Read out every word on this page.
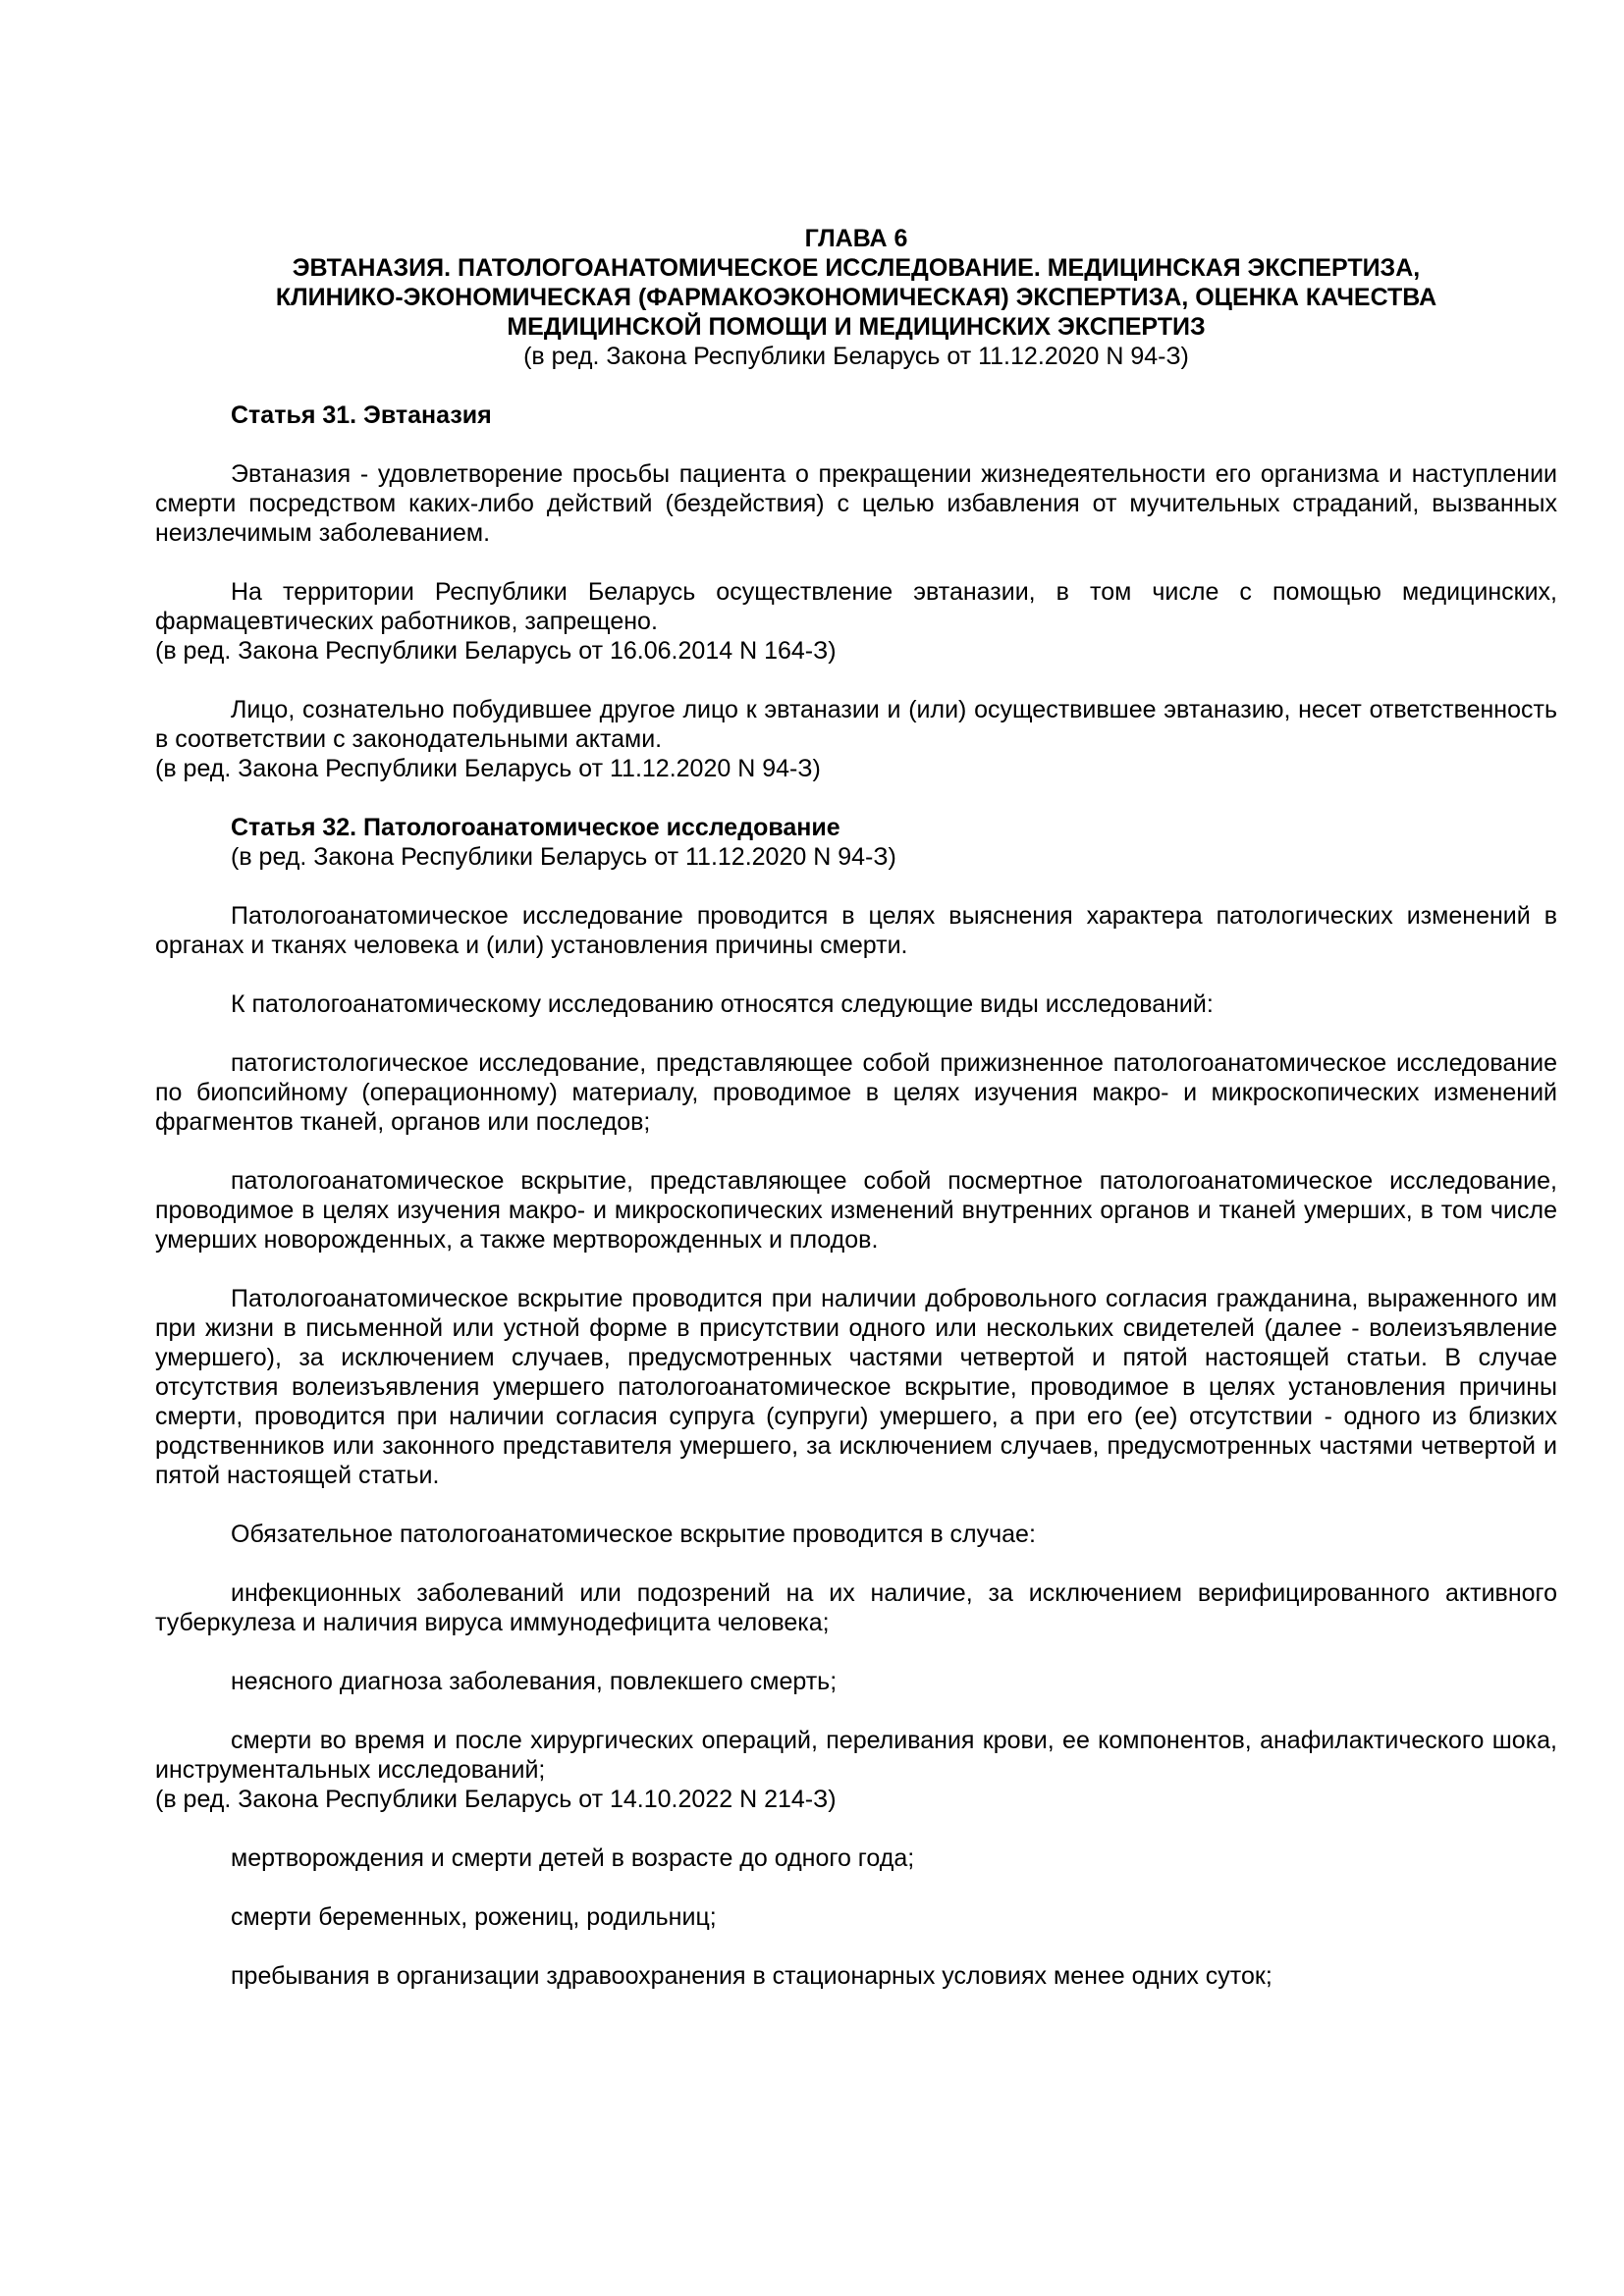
ГЛАВА 6
ЭВТАНАЗИЯ. ПАТОЛОГОАНАТОМИЧЕСКОЕ ИССЛЕДОВАНИЕ. МЕДИЦИНСКАЯ ЭКСПЕРТИЗА,
КЛИНИКО-ЭКОНОМИЧЕСКАЯ (ФАРМАКОЭКОНОМИЧЕСКАЯ) ЭКСПЕРТИЗА, ОЦЕНКА КАЧЕСТВА
МЕДИЦИНСКОЙ ПОМОЩИ И МЕДИЦИНСКИХ ЭКСПЕРТИЗ
(в ред. Закона Республики Беларусь от 11.12.2020 N 94-З)
Статья 31. Эвтаназия

Эвтаназия - удовлетворение просьбы пациента о прекращении жизнедеятельности его организма и наступлении смерти посредством каких-либо действий (бездействия) с целью избавления от мучительных страданий, вызванных неизлечимым заболеванием.

На территории Республики Беларусь осуществление эвтаназии, в том числе с помощью медицинских, фармацевтических работников, запрещено.

(в ред. Закона Республики Беларусь от 16.06.2014 N 164-З)

Лицо, сознательно побудившее другое лицо к эвтаназии и (или) осуществившее эвтаназию, несет ответственность в соответствии с законодательными актами.

(в ред. Закона Республики Беларусь от 11.12.2020 N 94-З)

Статья 32. Патологоанатомическое исследование
(в ред. Закона Республики Беларусь от 11.12.2020 N 94-З)

Патологоанатомическое исследование проводится в целях выяснения характера патологических изменений в органах и тканях человека и (или) установления причины смерти.

К патологоанатомическому исследованию относятся следующие виды исследований:

патогистологическое исследование, представляющее собой прижизненное патологоанатомическое исследование по биопсийному (операционному) материалу, проводимое в целях изучения макро- и микроскопических изменений фрагментов тканей, органов или последов;

патологоанатомическое вскрытие, представляющее собой посмертное патологоанатомическое исследование, проводимое в целях изучения макро- и микроскопических изменений внутренних органов и тканей умерших, в том числе умерших новорожденных, а также мертворожденных и плодов.

Патологоанатомическое вскрытие проводится при наличии добровольного согласия гражданина, выраженного им при жизни в письменной или устной форме в присутствии одного или нескольких свидетелей (далее - волеизъявление умершего), за исключением случаев, предусмотренных частями четвертой и пятой настоящей статьи. В случае отсутствия волеизъявления умершего патологоанатомическое вскрытие, проводимое в целях установления причины смерти, проводится при наличии согласия супруга (супруги) умершего, а при его (ее) отсутствии - одного из близких родственников или законного представителя умершего, за исключением случаев, предусмотренных частями четвертой и пятой настоящей статьи.

Обязательное патологоанатомическое вскрытие проводится в случае:

инфекционных заболеваний или подозрений на их наличие, за исключением верифицированного активного туберкулеза и наличия вируса иммунодефицита человека;

неясного диагноза заболевания, повлекшего смерть;

смерти во время и после хирургических операций, переливания крови, ее компонентов, анафилактического шока, инструментальных исследований;

(в ред. Закона Республики Беларусь от 14.10.2022 N 214-З)

мертворождения и смерти детей в возрасте до одного года;

смерти беременных, рожениц, родильниц;

пребывания в организации здравоохранения в стационарных условиях менее одних суток;
